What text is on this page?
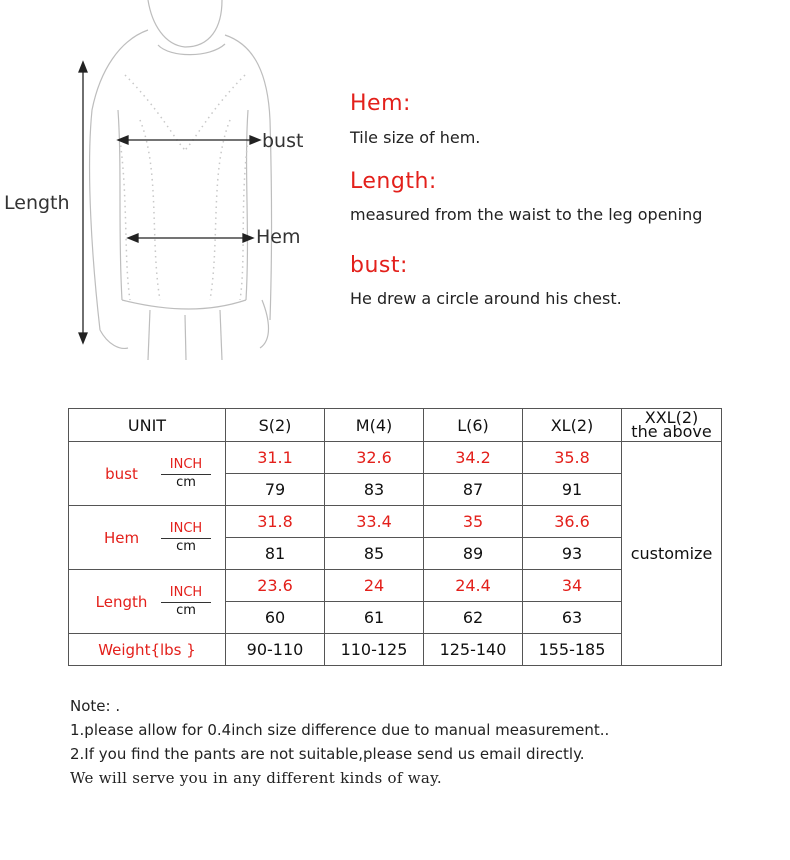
Length
bust
Hem
Hem:
Tile size of hem.
Length:
measured from the waist to the leg opening
bust:
He drew a circle around his chest.
UNIT	S(2)	M(4)	L(6)	XL(2)	XXL(2)
the above

bust
INCH
cm	31.1	32.6	34.2	35.8	customize
	79	83	87	91	

Hem
INCH
cm	31.8	33.4	35	36.6	
	81	85	89	93	

Length
INCH
cm	23.6	24	24.4	34	
	60	61	62	63	
Weight{lbs }	90-110	110-125	125-140	155-185	
Note: .
1.please allow for 0.4inch size difference due to manual measurement..
2.If you find the pants are not suitable,please send us email directly.
We will serve you in any different kinds of way.
